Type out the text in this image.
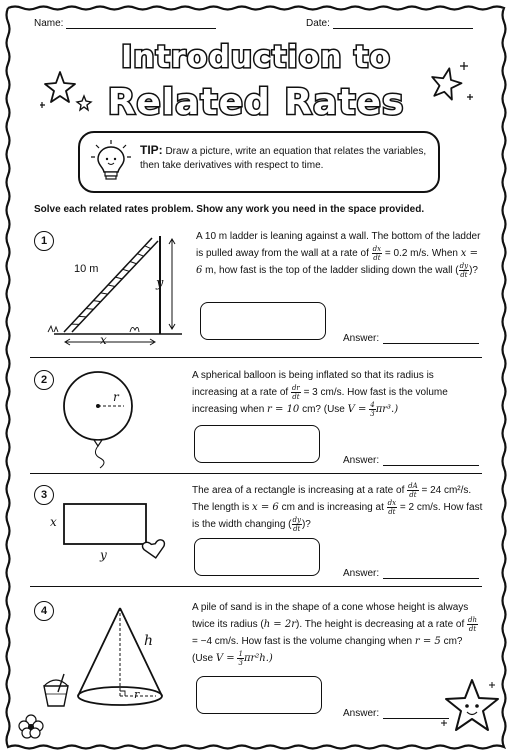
Name:	Date:
Introduction to
Related Rates
TIP: Draw a picture, write an equation that relates the variables, then take derivatives with respect to time.
Solve each related rates problem. Show any work you need in the space provided.
1
10 m
y
x
A 10 m ladder is leaning against a wall. The bottom of the ladder is pulled away from the wall at a rate of $\frac{dx}{dt} = 0.2$ m/s. When x = 6 m, how fast is the top of the ladder sliding down the wall ( $\frac{dy}{dt}$ )?
Answer:
2
r
A spherical balloon is being inflated so that its radius is increasing at a rate of $\frac{dr}{dt} = 3$ cm/s. How fast is the volume increasing when r = 10 cm? (Use $V = \frac{4}{3} \pi r^3$.)
Answer:
3
x
y
The area of a rectangle is increasing at a rate of $\frac{dA}{dt} = 24$ cm²/s. The length is x = 6 cm and is increasing at $\frac{dx}{dt} = 2$ cm/s. How fast is the width changing ( $\frac{dy}{dt}$ )?
Answer:
4
h
r
A pile of sand is in the shape of a cone whose height is always twice its radius (h = 2r). The height is decreasing at a rate of $\frac{dh}{dt}$
= −4 cm/s. How fast is the volume changing when r = 5 cm? (Use $V = \frac{1}{3} \pi r^2h$.)
Answer:
